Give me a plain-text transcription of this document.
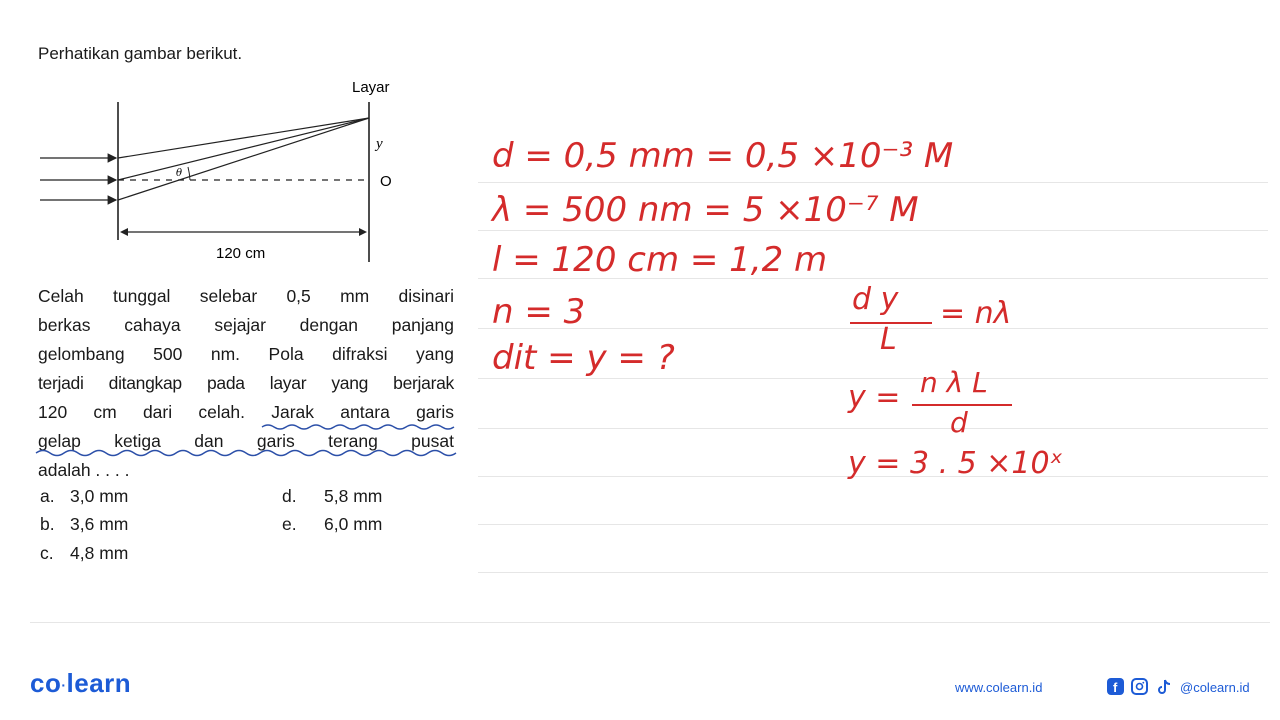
Perhatikan gambar berikut.
θ
Layar
y
O
120 cm
Celah tunggal selebar 0,5 mm disinari
berkas cahaya sejajar dengan panjang
gelombang 500 nm. Pola difraksi yang
terjadi ditangkap pada layar yang berjarak
120 cm dari celah. Jarak antara garis
gelap ketiga dan garis terang pusat
adalah . . . .
a. 3,0 mm
b. 3,6 mm
c. 4,8 mm
d. 5,8 mm
e. 6,0 mm
d = 0,5 mm = 0,5 ×10⁻³ M
λ = 500 nm = 5 ×10⁻⁷ M
l = 120 cm = 1,2 m
n = 3
dit = y = ?
d y
L
= nλ
y = n λ L
d
y = 3 . 5 ×10ˣ
co·learn	www.colearn.id	f	@colearn.id
